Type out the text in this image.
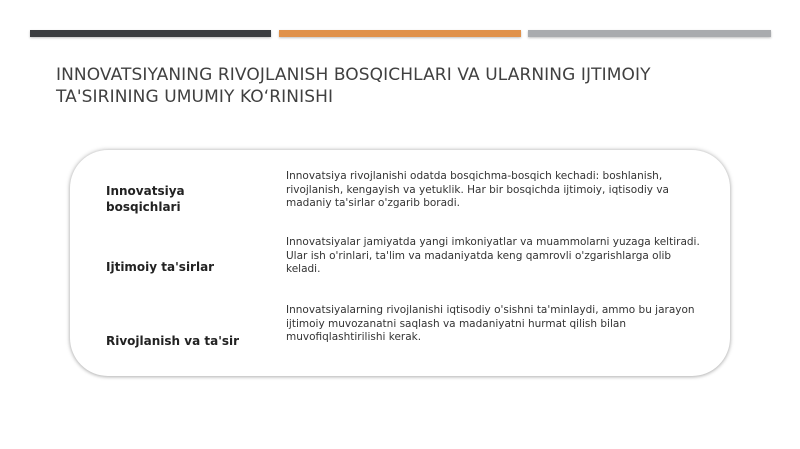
INNOVATSIYANING RIVOJLANISH BOSQICHLARI VA ULARNING IJTIMOIY TA'SIRINING UMUMIY KO‘RINISHI
Innovatsiya bosqichlari
Innovatsiya rivojlanishi odatda bosqichma-bosqich kechadi: boshlanish, rivojlanish, kengayish va yetuklik. Har bir bosqichda ijtimoiy, iqtisodiy va madaniy ta'sirlar o'zgarib boradi.
Ijtimoiy ta'sirlar
Innovatsiyalar jamiyatda yangi imkoniyatlar va muammolarni yuzaga keltiradi. Ular ish o'rinlari, ta'lim va madaniyatda keng qamrovli o'zgarishlarga olib keladi.
Rivojlanish va ta'sir
Innovatsiyalarning rivojlanishi iqtisodiy o'sishni ta'minlaydi, ammo bu jarayon ijtimoiy muvozanatni saqlash va madaniyatni hurmat qilish bilan muvofiqlashtirilishi kerak.
